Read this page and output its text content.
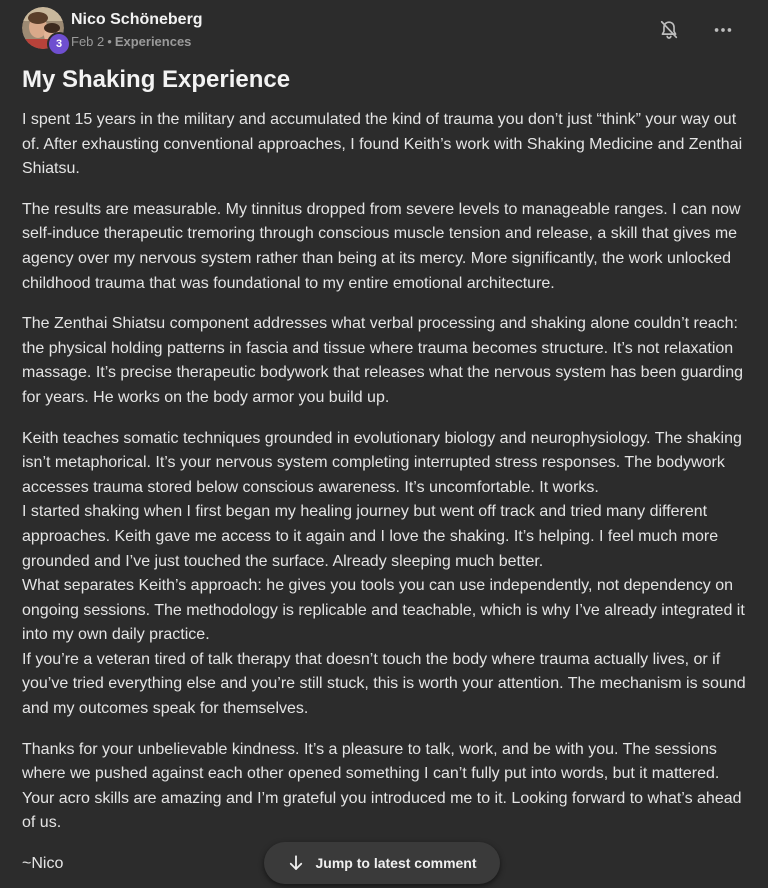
3
Nico Schöneberg
Feb 2 • Experiences
My Shaking Experience

I spent 15 years in the military and accumulated the kind of trauma you don’t just “think” your way out of. After exhausting conventional approaches, I found Keith’s work with Shaking Medicine and Zenthai Shiatsu.

The results are measurable. My tinnitus dropped from severe levels to manageable ranges. I can now self-induce therapeutic tremoring through conscious muscle tension and release, a skill that gives me agency over my nervous system rather than being at its mercy. More significantly, the work unlocked childhood trauma that was foundational to my entire emotional architecture.

The Zenthai Shiatsu component addresses what verbal processing and shaking alone couldn’t reach: the physical holding patterns in fascia and tissue where trauma becomes structure. It’s not relaxation massage. It’s precise therapeutic bodywork that releases what the nervous system has been guarding for years. He works on the body armor you build up.

Keith teaches somatic techniques grounded in evolutionary biology and neurophysiology. The shaking isn’t metaphorical. It’s your nervous system completing interrupted stress responses. The bodywork accesses trauma stored below conscious awareness. It’s uncomfortable. It works.

I started shaking when I first began my healing journey but went off track and tried many different approaches. Keith gave me access to it again and I love the shaking. It’s helping. I feel much more grounded and I’ve just touched the surface. Already sleeping much better.

What separates Keith’s approach: he gives you tools you can use independently, not dependency on ongoing sessions. The methodology is replicable and teachable, which is why I’ve already integrated it into my own daily practice.

If you’re a veteran tired of talk therapy that doesn’t touch the body where trauma actually lives, or if you’ve tried everything else and you’re still stuck, this is worth your attention. The mechanism is sound and my outcomes speak for themselves.

Thanks for your unbelievable kindness. It’s a pleasure to talk, work, and be with you. The sessions where we pushed against each other opened something I can’t fully put into words, but it mattered. Your acro skills are amazing and I’m grateful you introduced me to it. Looking forward to what’s ahead of us.

~Nico	Jump to latest comment
